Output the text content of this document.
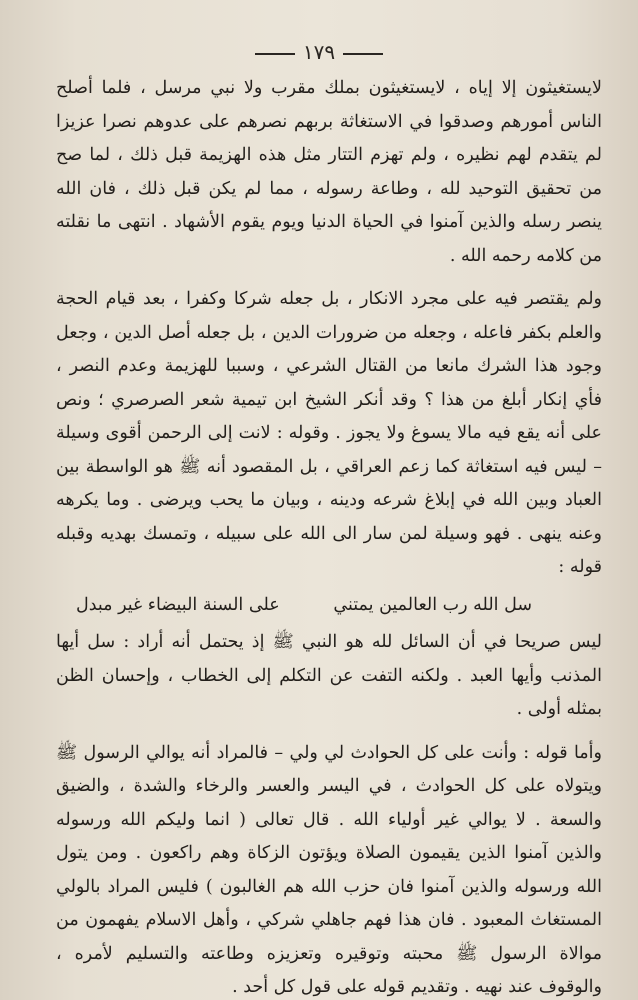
١٧٩

لايستغيثون إلا إياه ، لايستغيثون بملك مقرب ولا نبي مرسل ، فلما أصلح الناس أمورهم وصدقوا في الاستغاثة بربهم نصرهم على عدوهم نصرا عزيزا لم يتقدم لهم نظيره ، ولم تهزم التتار مثل هذه الهزيمة قبل ذلك ، لما صح من تحقيق التوحيد لله ، وطاعة رسوله ، مما لم يكن قبل ذلك ، فان الله ينصر رسله والذين آمنوا في الحياة الدنيا ويوم يقوم الأشهاد . انتهى ما نقلته من كلامه رحمه الله .

ولم يقتصر فيه على مجرد الانكار ، بل جعله شركا وكفرا ، بعد قيام الحجة والعلم بكفر فاعله ، وجعله من ضرورات الدين ، بل جعله أصل الدين ، وجعل وجود هذا الشرك مانعا من القتال الشرعي ، وسببا للهزيمة وعدم النصر ، فأي إنكار أبلغ من هذا ؟ وقد أنكر الشيخ ابن تيمية شعر الصرصري ؛ ونص على أنه يقع فيه مالا يسوغ ولا يجوز . وقوله : لانت إلى الرحمن أقوى وسيلة – ليس فيه استغاثة كما زعم العراقي ، بل المقصود أنه ﷺ هو الواسطة بين العباد وبين الله في إبلاغ شرعه ودينه ، وبيان ما يحب ويرضى . وما يكرهه وعنه ينهى . فهو وسيلة لمن سار الى الله على سبيله ، وتمسك بهديه وقبله قوله :

سل الله رب العالمين يمتني
على السنة البيضاء غير مبدل

ليس صريحا في أن السائل لله هو النبي ﷺ إذ يحتمل أنه أراد : سل أيها المذنب وأيها العبد . ولكنه التفت عن التكلم إلى الخطاب ، وإحسان الظن بمثله أولى .

وأما قوله : وأنت على كل الحوادث لي ولي – فالمراد أنه يوالي الرسول ﷺ ويتولاه على كل الحوادث ، في اليسر والعسر والرخاء والشدة ، والضيق والسعة . لا يوالي غير أولياء الله . قال تعالى ( انما وليكم الله ورسوله والذين آمنوا الذين يقيمون الصلاة ويؤتون الزكاة وهم راكعون . ومن يتول الله ورسوله والذين آمنوا فان حزب الله هم الغالبون ) فليس المراد بالولي المستغاث المعبود . فان هذا فهم جاهلي شركي ، وأهل الاسلام يفهمون من موالاة الرسول ﷺ محبته وتوقيره وتعزيزه وطاعته والتسليم لأمره ، والوقوف عند نهيه . وتقديم قوله على قول كل أحد .
